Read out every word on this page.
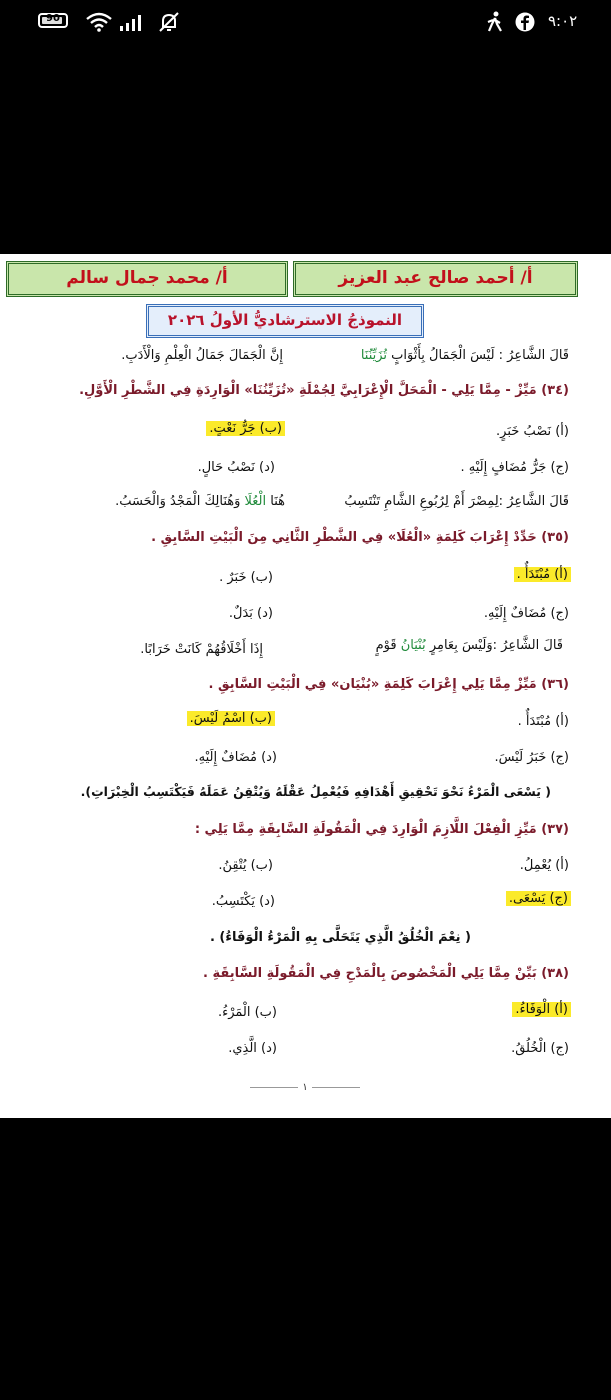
90	٩:٠٢
أ/ أحمد صالح عبد العزيز
أ/ محمد جمال سالم
النموذجُ الاسترشاديُّ الأولُ ٢٠٢٦
قَالَ الشَّاعِرُ : لَيْسَ الْجَمَالُ بِأَثْوَابٍ تُزَيِّنُنَا
إِنَّ الْجَمَالَ جَمَالُ الْعِلْمِ وَالْأَدَبِ.
(٣٤) مَيِّزْ - مِمَّا يَلِي - الْمَحَلَّ الْإِعْرَابِيَّ لِجُمْلَةِ «تُزَيِّنُنَا» الْوَارِدَةِ فِي الشَّطْرِ الْأَوَّلِ.
(أ) نَصْبُ خَبَرٍ.
(ب) جَرُّ نَعْتٍ.
(ج) جَرُّ مُضَافٍ إِلَيْهِ .
(د) نَصْبُ حَالٍ.
قَالَ الشَّاعِرُ :لِمِصْرَ أَمْ لِرُبُوعِ الشَّامِ تَنْتَسِبُ
هُنَا الْعُلَا وَهُنَالِكَ الْمَجْدُ وَالْحَسَبُ.
(٣٥) حَدِّدْ إِعْرَابَ كَلِمَةِ «الْعُلَا» فِي الشَّطْرِ الثَّانِي مِنَ الْبَيْتِ السَّابِقِ .
(أ) مُبْتَدَأٌ .
(ب) خَبَرٌ .
(ج) مُضَافٌ إِلَيْهِ.
(د) بَدَلٌ.
قَالَ الشَّاعِرُ :وَلَيْسَ بِعَامِرٍ بُنْيَانُ قَوْمٍ
إِذَا أَخْلَاقُهُمْ كَانَتْ خَرَابًا.
(٣٦) مَيِّزْ مِمَّا يَلِي إِعْرَابَ كَلِمَةِ «بُنْيَان» فِي الْبَيْتِ السَّابِقِ .
(أ) مُبْتَدَأٌ .
(ب) اسْمُ لَيْسَ.
(ج) خَبَرُ لَيْسَ.
(د) مُضَافٌ إِلَيْهِ.
( يَسْعَى الْمَرْءُ نَحْوَ تَحْقِيقِ أَهْدَافِهِ فَيُعْمِلُ عَقْلَهُ وَيُتْقِنُ عَمَلَهُ فَيَكْتَسِبُ الْخِبْرَاتِ).
(٣٧) مَيِّزِ الْفِعْلَ اللَّازِمَ الْوَارِدَ فِي الْمَقُولَةِ السَّابِقَةِ مِمَّا يَلِي :
(أ) يُعْمِلُ.
(ب) يُتْقِنُ.
(ج) يَسْعَى.
(د) يَكْتَسِبُ.
( نِعْمَ الْخُلُقُ الَّذِي يَتَحَلَّى بِهِ الْمَرْءُ الْوَفَاءُ) .
(٣٨) بَيِّنْ مِمَّا يَلِي الْمَخْصُوصَ بِالْمَدْحِ فِي الْمَقُولَةِ السَّابِقَةِ .
(أ) الْوَفَاءُ.
(ب) الْمَرْءُ.
(ج) الْخُلُقُ.
(د) الَّذِي.
١
